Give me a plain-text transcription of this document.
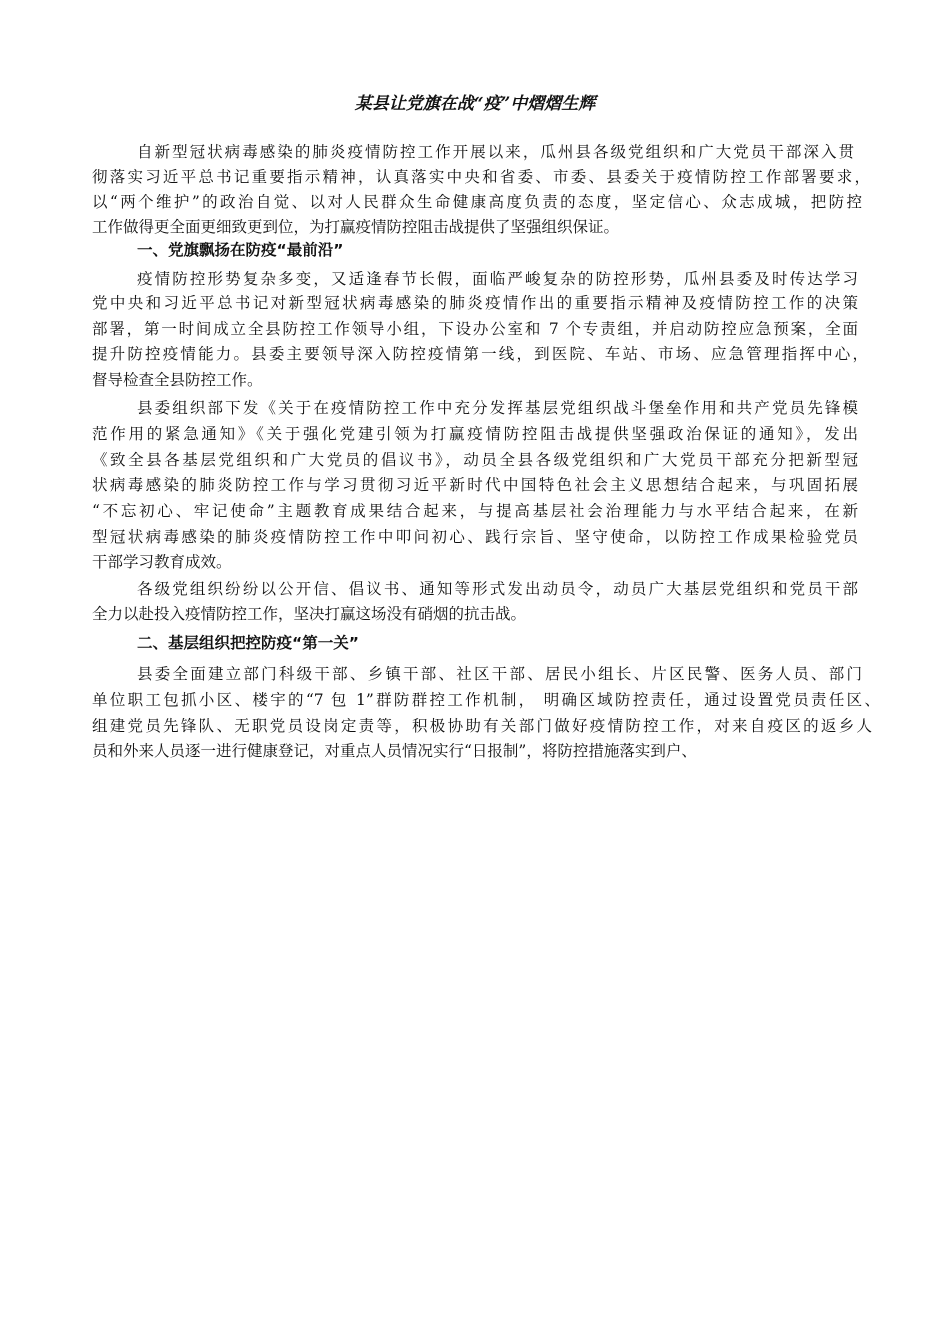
某县让党旗在战“疫”中熠熠生辉
自新型冠状病毒感染的肺炎疫情防控工作开展以来，瓜州县各级党组织和广大党员干部深入贯
彻落实习近平总书记重要指示精神，认真落实中央和省委、市委、县委关于疫情防控工作部署要求，
以“两个维护”的政治自觉、以对人民群众生命健康高度负责的态度，坚定信心、众志成城，把防控
工作做得更全面更细致更到位，为打赢疫情防控阻击战提供了坚强组织保证。
一、党旗飘扬在防疫“最前沿”
疫情防控形势复杂多变，又适逢春节长假，面临严峻复杂的防控形势，瓜州县委及时传达学习
党中央和习近平总书记对新型冠状病毒感染的肺炎疫情作出的重要指示精神及疫情防控工作的决策
部署，第一时间成立全县防控工作领导小组，下设办公室和 7 个专责组，并启动防控应急预案，全面
提升防控疫情能力。县委主要领导深入防控疫情第一线，到医院、车站、市场、应急管理指挥中心，
督导检查全县防控工作。
县委组织部下发《关于在疫情防控工作中充分发挥基层党组织战斗堡垒作用和共产党员先锋模
范作用的紧急通知》《关于强化党建引领为打赢疫情防控阻击战提供坚强政治保证的通知》，发出
《致全县各基层党组织和广大党员的倡议书》，动员全县各级党组织和广大党员干部充分把新型冠
状病毒感染的肺炎防控工作与学习贯彻习近平新时代中国特色社会主义思想结合起来，与巩固拓展
“不忘初心、牢记使命”主题教育成果结合起来，与提高基层社会治理能力与水平结合起来，在新
型冠状病毒感染的肺炎疫情防控工作中叩问初心、践行宗旨、坚守使命，以防控工作成果检验党员
干部学习教育成效。
各级党组织纷纷以公开信、倡议书、通知等形式发出动员令，动员广大基层党组织和党员干部
全力以赴投入疫情防控工作，坚决打赢这场没有硝烟的抗击战。
二、基层组织把控防疫“第一关”
县委全面建立部门科级干部、乡镇干部、社区干部、居民小组长、片区民警、医务人员、部门
单位职工包抓小区、楼宇的“7 包 1”群防群控工作机制， 明确区域防控责任，通过设置党员责任区、
组建党员先锋队、无职党员设岗定责等，积极协助有关部门做好疫情防控工作，对来自疫区的返乡人
员和外来人员逐一进行健康登记，对重点人员情况实行“日报制”，将防控措施落实到户、
